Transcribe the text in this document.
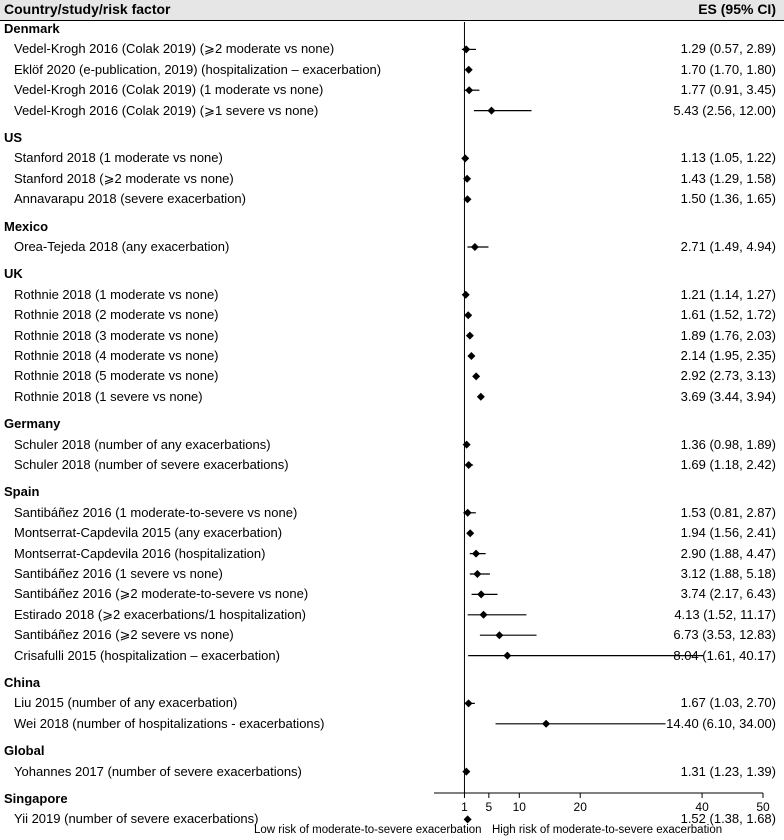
Country/study/risk factor	ES (95% CI)
Denmark
Vedel-Krogh 2016 (Colak 2019) (⩾2 moderate vs none)	1.29 (0.57, 2.89)
Eklöf 2020 (e-publication, 2019) (hospitalization – exacerbation)	1.70 (1.70, 1.80)
Vedel-Krogh 2016 (Colak 2019) (1 moderate vs none)	1.77 (0.91, 3.45)
Vedel-Krogh 2016 (Colak 2019) (⩾1 severe vs none)	5.43 (2.56, 12.00)
US
Stanford 2018 (1 moderate vs none)	1.13 (1.05, 1.22)
Stanford 2018 (⩾2 moderate vs none)	1.43 (1.29, 1.58)
Annavarapu 2018 (severe exacerbation)	1.50 (1.36, 1.65)
Mexico
Orea-Tejeda 2018 (any exacerbation)	2.71 (1.49, 4.94)
UK
Rothnie 2018 (1 moderate vs none)	1.21 (1.14, 1.27)
Rothnie 2018 (2 moderate vs none)	1.61 (1.52, 1.72)
Rothnie 2018 (3 moderate vs none)	1.89 (1.76, 2.03)
Rothnie 2018 (4 moderate vs none)	2.14 (1.95, 2.35)
Rothnie 2018 (5 moderate vs none)	2.92 (2.73, 3.13)
Rothnie 2018 (1 severe vs none)	3.69 (3.44, 3.94)
Germany
Schuler 2018 (number of any exacerbations)	1.36 (0.98, 1.89)
Schuler 2018 (number of severe exacerbations)	1.69 (1.18, 2.42)
Spain
Santibáñez 2016 (1 moderate-to-severe vs none)	1.53 (0.81, 2.87)
Montserrat-Capdevila 2015 (any exacerbation)	1.94 (1.56, 2.41)
Montserrat-Capdevila 2016 (hospitalization)	2.90 (1.88, 4.47)
Santibáñez 2016 (1 severe vs none)	3.12 (1.88, 5.18)
Santibáñez 2016 (⩾2 moderate-to-severe vs none)	3.74 (2.17, 6.43)
Estirado 2018 (⩾2 exacerbations/1 hospitalization)	4.13 (1.52, 11.17)
Santibáñez 2016 (⩾2 severe vs none)	6.73 (3.53, 12.83)
Crisafulli 2015 (hospitalization – exacerbation)	8.04 (1.61, 40.17)
China
Liu 2015 (number of any exacerbation)	1.67 (1.03, 2.70)
Wei 2018 (number of hospitalizations - exacerbations)	14.40 (6.10, 34.00)
Global
Yohannes 2017 (number of severe exacerbations)	1.31 (1.23, 1.39)
Singapore
Yii 2019 (number of severe exacerbations)	1.52 (1.38, 1.68)
1 5 10	20	40	50
Low risk of moderate-to-severe exacerbation High risk of moderate-to-severe exacerbation
